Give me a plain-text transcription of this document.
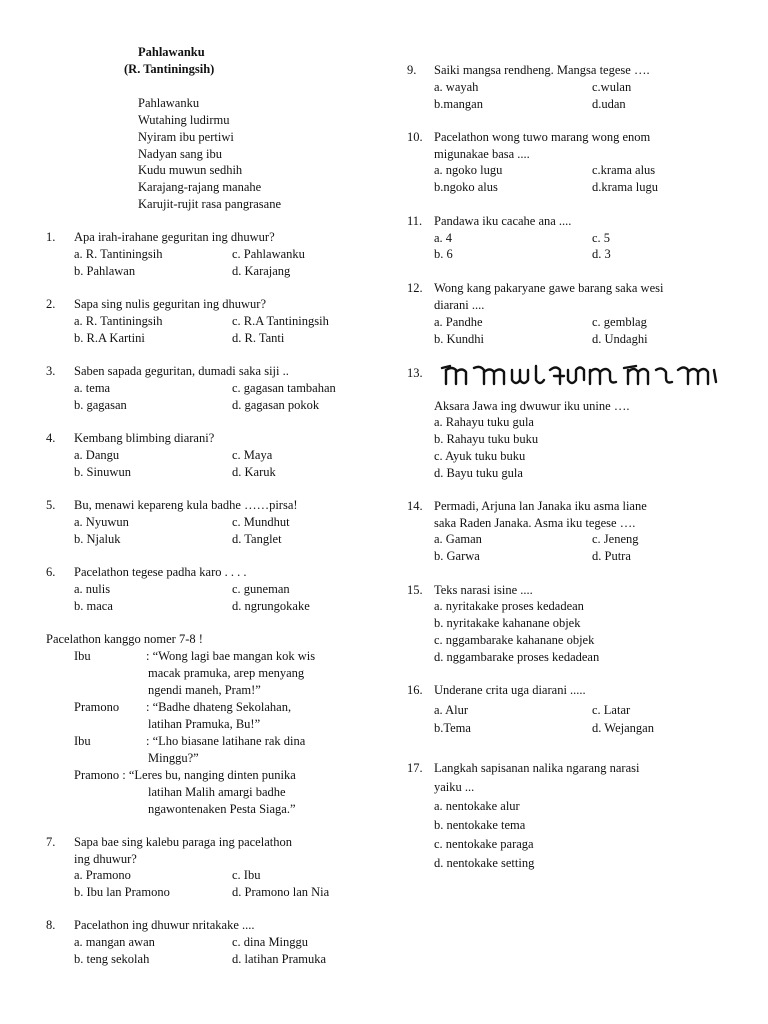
Pahlawanku
(R. Tantiningsih)
Pahlawanku
Wutahing ludirmu
Nyiram ibu pertiwi
Nadyan sang ibu
Kudu muwun sedhih
Karajang-rajang manahe
Karujit-rujit rasa pangrasane
1. Apa irah-irahane geguritan ing dhuwur?
a. R. Tantiningsih
b. Pahlawan
c. Pahlawanku
d. Karajang
2. Sapa sing nulis geguritan ing dhuwur?
a. R. Tantiningsih
b. R.A Kartini
c. R.A Tantiningsih
d. R. Tanti
3. Saben sapada geguritan, dumadi saka siji ..
a. tema
b. gagasan
c. gagasan tambahan
d. gagasan pokok
4. Kembang blimbing diarani?
a. Dangu
b. Sinuwun
c. Maya
d. Karuk
5. Bu, menawi kepareng kula badhe ……pirsa!
a. Nyuwun
b. Njaluk
c. Mundhut
d. Tanglet
6. Pacelathon tegese padha karo . . . .
a. nulis
b. maca
c. guneman
d. ngrungokake
Pacelathon kanggo nomer 7-8 !
Ibu	: “Wong lagi bae mangan kok wis
macak pramuka, arep menyang
ngendi maneh, Pram!”
Pramono : “Badhe dhateng Sekolahan,
latihan Pramuka, Bu!”
Ibu	: “Lho biasane latihane rak dina
Minggu?”
Pramono : “Leres bu, nanging dinten punika
latihan Malih amargi badhe
ngawontenaken Pesta Siaga.”
7. Sapa bae sing kalebu paraga ing pacelathon
ing dhuwur?
a. Pramono
b. Ibu lan Pramono
c. Ibu
d. Pramono lan Nia
8. Pacelathon ing dhuwur nritakake ....
a. mangan awan
b. teng sekolah
c. dina Minggu
d. latihan Pramuka
9. Saiki mangsa rendheng. Mangsa tegese ….
a. wayah
b.mangan
c.wulan
d.udan
10. Pacelathon wong tuwo marang wong enom
migunakae basa ....
a. ngoko lugu
b.ngoko alus
c.krama alus
d.krama lugu
11. Pandawa iku cacahe ana ....
a. 4
b. 6
c. 5
d. 3
12. Wong kang pakaryane gawe barang saka wesi
diarani ....
a. Pandhe
b. Kundhi
c. gemblag
d. Undaghi
13.
Aksara Jawa ing dwuwur iku unine ….
a. Rahayu tuku gula
b. Rahayu tuku buku
c. Ayuk tuku buku
d. Bayu tuku gula
14. Permadi, Arjuna lan Janaka iku asma liane
saka Raden Janaka. Asma iku tegese ….
a. Gaman
b. Garwa
c. Jeneng
d. Putra
15. Teks narasi isine ....
a. nyritakake proses kedadean
b. nyritakake kahanane objek
c. nggambarake kahanane objek
d. nggambarake proses kedadean
16. Underane crita uga diarani .....
a. Alur
b.Tema
c. Latar
d. Wejangan
17. Langkah sapisanan nalika ngarang narasi
yaiku ...
a. nentokake alur
b. nentokake tema
c. nentokake paraga
d. nentokake setting
